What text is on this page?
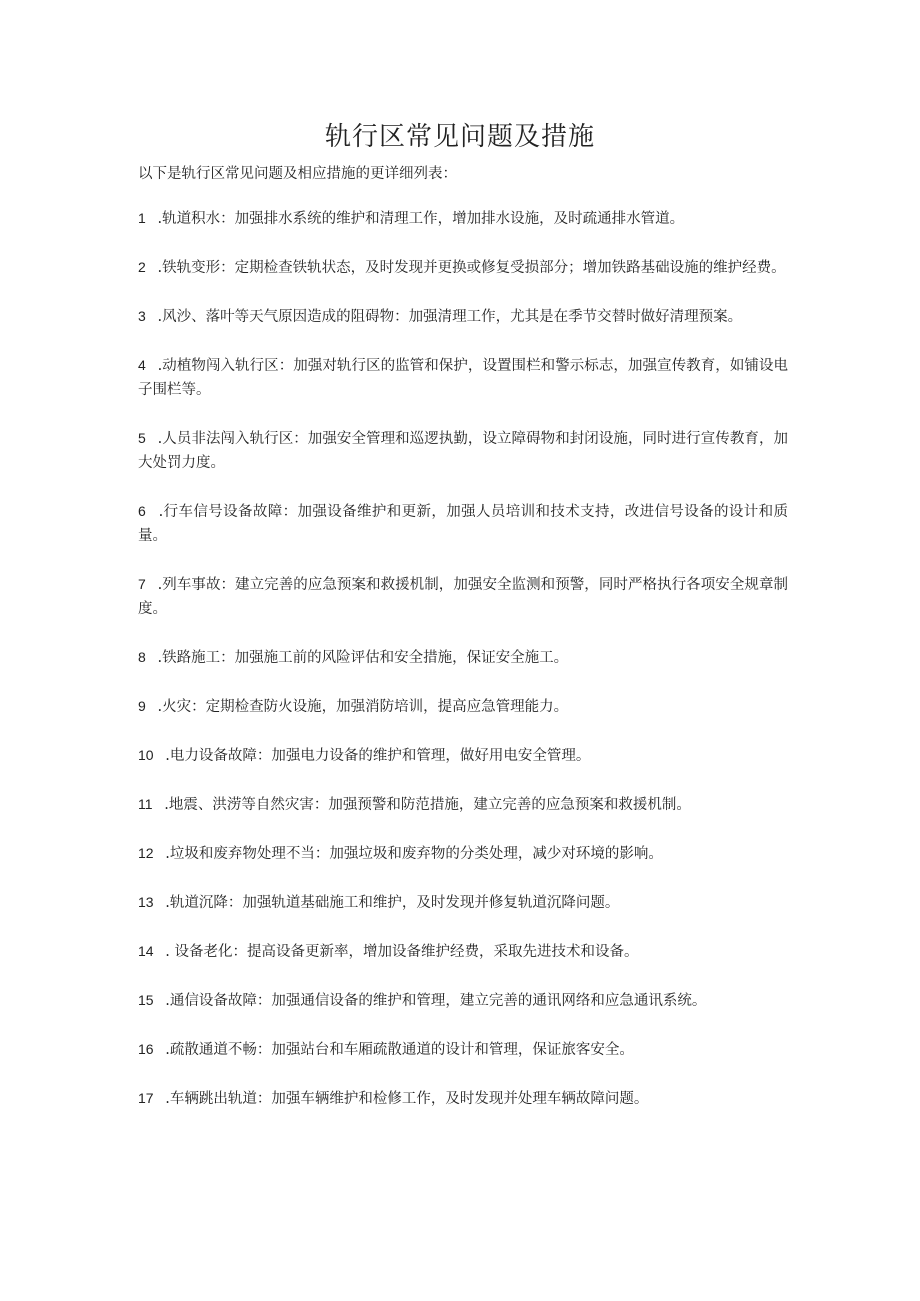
轨行区常见问题及措施
以下是轨行区常见问题及相应措施的更详细列表：
1 .轨道积水：加强排水系统的维护和清理工作，增加排水设施，及时疏通排水管道。
2 .铁轨变形：定期检查铁轨状态，及时发现并更换或修复受损部分；增加铁路基础设施的维护经费。
3 .风沙、落叶等天气原因造成的阻碍物：加强清理工作，尤其是在季节交替时做好清理预案。
4 .动植物闯入轨行区：加强对轨行区的监管和保护，设置围栏和警示标志，加强宣传教育，如铺设电子围栏等。
5 .人员非法闯入轨行区：加强安全管理和巡逻执勤，设立障碍物和封闭设施，同时进行宣传教育，加大处罚力度。
6 .行车信号设备故障：加强设备维护和更新，加强人员培训和技术支持，改进信号设备的设计和质量。
7 .列车事故：建立完善的应急预案和救援机制，加强安全监测和预警，同时严格执行各项安全规章制度。
8 .铁路施工：加强施工前的风险评估和安全措施，保证安全施工。
9 .火灾：定期检查防火设施，加强消防培训，提高应急管理能力。
10 .电力设备故障：加强电力设备的维护和管理，做好用电安全管理。
11 .地震、洪涝等自然灾害：加强预警和防范措施，建立完善的应急预案和救援机制。
12 .垃圾和废弃物处理不当：加强垃圾和废弃物的分类处理，减少对环境的影响。
13 .轨道沉降：加强轨道基础施工和维护，及时发现并修复轨道沉降问题。
14 . 设备老化：提高设备更新率，增加设备维护经费，采取先进技术和设备。
15 .通信设备故障：加强通信设备的维护和管理，建立完善的通讯网络和应急通讯系统。
16 .疏散通道不畅：加强站台和车厢疏散通道的设计和管理，保证旅客安全。
17 .车辆跳出轨道：加强车辆维护和检修工作，及时发现并处理车辆故障问题。
